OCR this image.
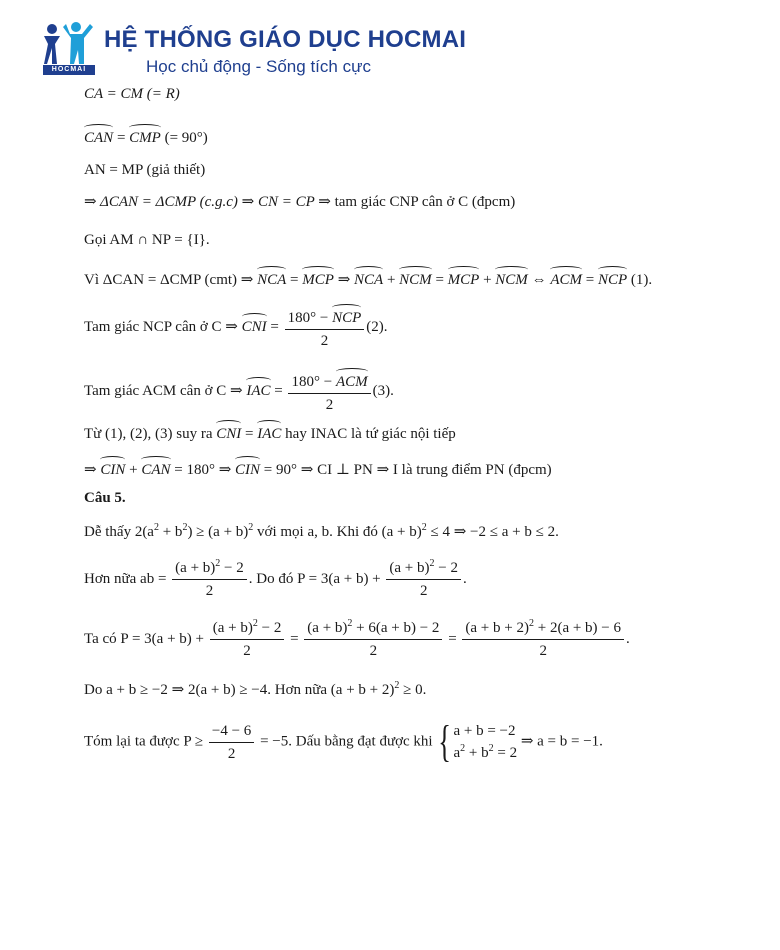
HOCMAI
HỆ THỐNG GIÁO DỤC HOCMAI
Học chủ động - Sống tích cực
CA = CM (= R)
CAN = CMP (= 90°)
AN = MP (giả thiết)
⇒ ΔCAN = ΔCMP (c.g.c) ⇒ CN = CP ⇒ tam giác CNP cân ở C (đpcm)
Gọi AM ∩ NP = {I}.
Vì ΔCAN = ΔCMP (cmt) ⇒ NCA = MCP ⇒ NCA + NCM = MCP + NCM ⇔ ACM = NCP (1).
Tam giác NCP cân ở C ⇒ CNI = $\frac{\text{180° − NCP}}{2} (2)$.
Tam giác ACM cân ở C ⇒ IAC = $\frac{\text{180° − ACM}}{2} (3)$.
Từ (1), (2), (3) suy ra CNI = IAC hay INAC là tứ giác nội tiếp
⇒ CIN + CAN = 180° ⇒ CIN = 90° ⇒ CI ⊥ PN ⇒ I là trung điểm PN (đpcm)
Câu 5.
Dễ thấy $2(a^2 + b^2) \ge (a + b)^2$ với mọi a, b. Khi đó $(a + b)^2 \le 4$ ⇒ −2 ≤ a + b ≤ 2.
Hơn nữa ab = $\frac{(a + b)^2 - 2}{2}$ . Do đó $P = 3(a + b) + \frac{(a + b)^2 - 2}{2}$ .
Ta có $P = 3(a + b) + \frac{(a + b)^2 - 2}{2} = \frac{(a + b)^2 + 6(a + b) - 2}{2} = \frac{(a + b + 2)^2 + 2(a + b) - 6}{2}$ .
Do a + b ≥ −2 ⇒ 2(a + b) ≥ −4. Hơn nữa $(a + b + 2)^2 \ge 0$.
Tóm lại ta được $P \ge \frac{-4 - 6}{2} = -5$. Dấu bằng đạt được khi { a + b = −2
$a^2 + b^2 = 2$
⇒ a = b = −1.
